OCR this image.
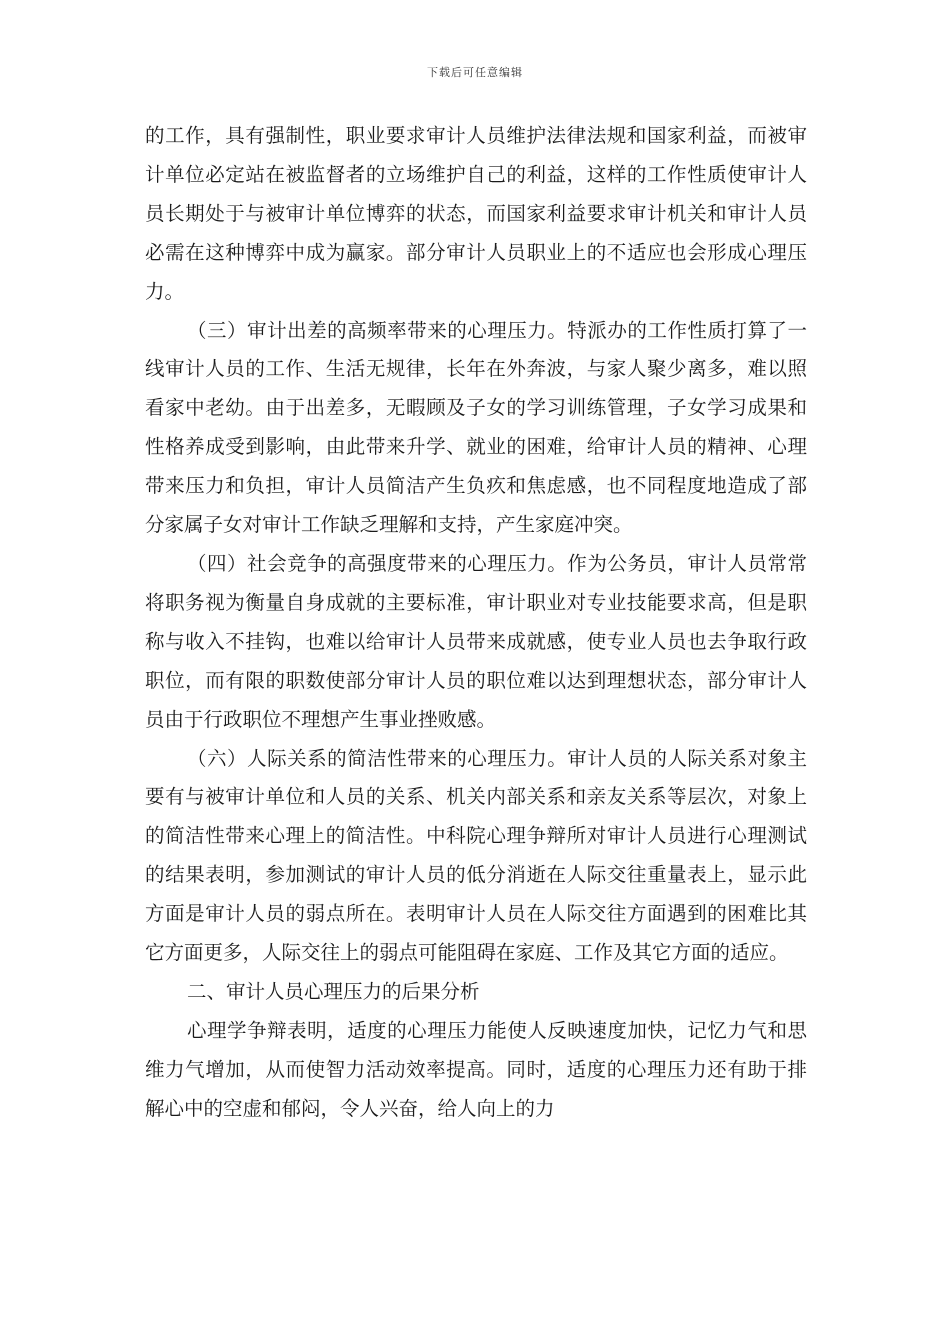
下载后可任意编辑

的工作，具有强制性，职业要求审计人员维护法律法规和国家利益，而被审计单位必定站在被监督者的立场维护自己的利益，这样的工作性质使审计人员长期处于与被审计单位博弈的状态，而国家利益要求审计机关和审计人员必需在这种博弈中成为赢家。部分审计人员职业上的不适应也会形成心理压力。

（三）审计出差的高频率带来的心理压力。特派办的工作性质打算了一线审计人员的工作、生活无规律，长年在外奔波，与家人聚少离多，难以照看家中老幼。由于出差多，无暇顾及子女的学习训练管理，子女学习成果和性格养成受到影响，由此带来升学、就业的困难，给审计人员的精神、心理带来压力和负担，审计人员简洁产生负疚和焦虑感，也不同程度地造成了部分家属子女对审计工作缺乏理解和支持，产生家庭冲突。

（四）社会竞争的高强度带来的心理压力。作为公务员，审计人员常常将职务视为衡量自身成就的主要标准，审计职业对专业技能要求高，但是职称与收入不挂钩，也难以给审计人员带来成就感，使专业人员也去争取行政职位，而有限的职数使部分审计人员的职位难以达到理想状态，部分审计人员由于行政职位不理想产生事业挫败感。

（六）人际关系的简洁性带来的心理压力。审计人员的人际关系对象主要有与被审计单位和人员的关系、机关内部关系和亲友关系等层次，对象上的简洁性带来心理上的简洁性。中科院心理争辩所对审计人员进行心理测试的结果表明，参加测试的审计人员的低分消逝在人际交往重量表上，显示此方面是审计人员的弱点所在。表明审计人员在人际交往方面遇到的困难比其它方面更多，人际交往上的弱点可能阻碍在家庭、工作及其它方面的适应。

二、审计人员心理压力的后果分析

心理学争辩表明，适度的心理压力能使人反映速度加快，记忆力气和思维力气增加，从而使智力活动效率提高。同时，适度的心理压力还有助于排解心中的空虚和郁闷，令人兴奋，给人向上的力
